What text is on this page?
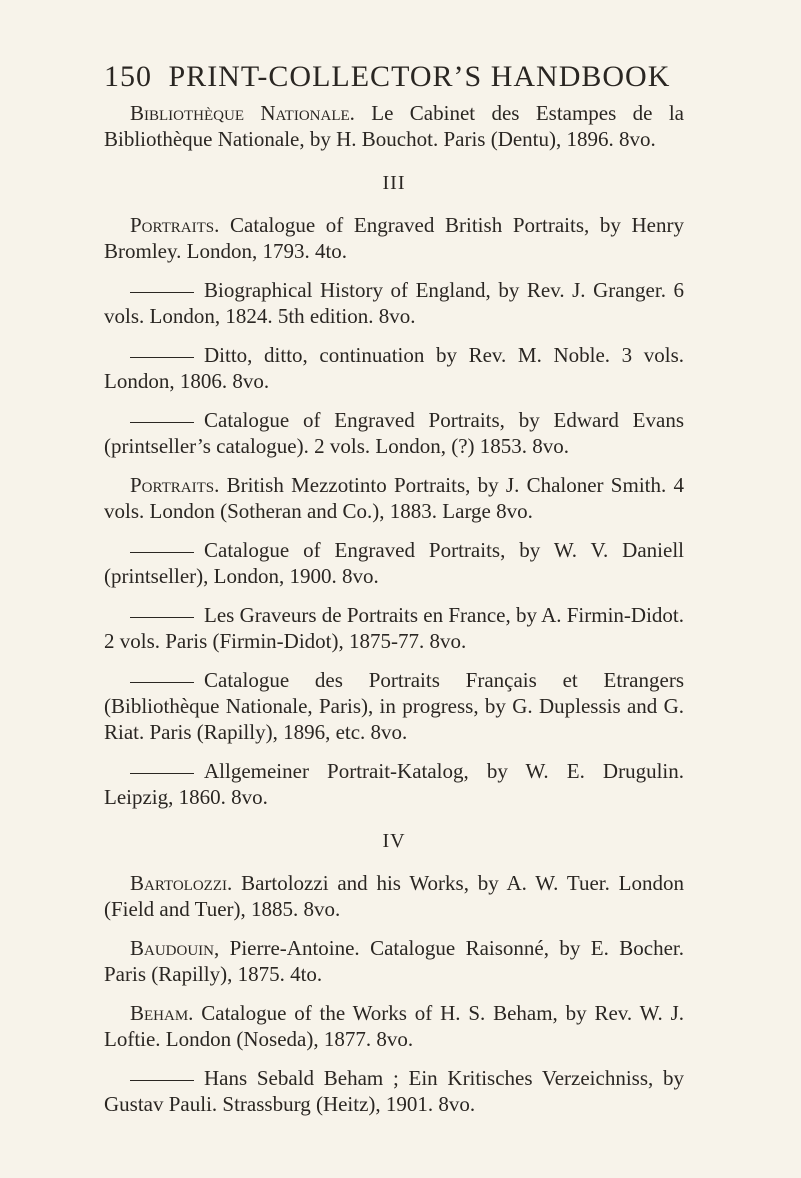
150 PRINT-COLLECTOR’S HANDBOOK

Bibliothèque Nationale. Le Cabinet des Estampes de la Bibliothèque Nationale, by H. Bouchot. Paris (Dentu), 1896. 8vo.

III

Portraits. Catalogue of Engraved British Portraits, by Henry Bromley. London, 1793. 4to.

Biographical History of England, by Rev. J. Granger. 6 vols. London, 1824. 5th edition. 8vo.

Ditto, ditto, continuation by Rev. M. Noble. 3 vols. London, 1806. 8vo.

Catalogue of Engraved Portraits, by Edward Evans (printseller’s catalogue). 2 vols. London, (?) 1853. 8vo.

Portraits. British Mezzotinto Portraits, by J. Chaloner Smith. 4 vols. London (Sotheran and Co.), 1883. Large 8vo.

Catalogue of Engraved Portraits, by W. V. Daniell (printseller), London, 1900. 8vo.

Les Graveurs de Portraits en France, by A. Firmin-Didot. 2 vols. Paris (Firmin-Didot), 1875-77. 8vo.

Catalogue des Portraits Français et Etrangers (Bibliothèque Nationale, Paris), in progress, by G. Duplessis and G. Riat. Paris (Rapilly), 1896, etc. 8vo.

Allgemeiner Portrait-Katalog, by W. E. Drugulin. Leipzig, 1860. 8vo.

IV

Bartolozzi. Bartolozzi and his Works, by A. W. Tuer. London (Field and Tuer), 1885. 8vo.

Baudouin, Pierre-Antoine. Catalogue Raisonné, by E. Bocher. Paris (Rapilly), 1875. 4to.

Beham. Catalogue of the Works of H. S. Beham, by Rev. W. J. Loftie. London (Noseda), 1877. 8vo.

Hans Sebald Beham ; Ein Kritisches Verzeichniss, by Gustav Pauli. Strassburg (Heitz), 1901. 8vo.
